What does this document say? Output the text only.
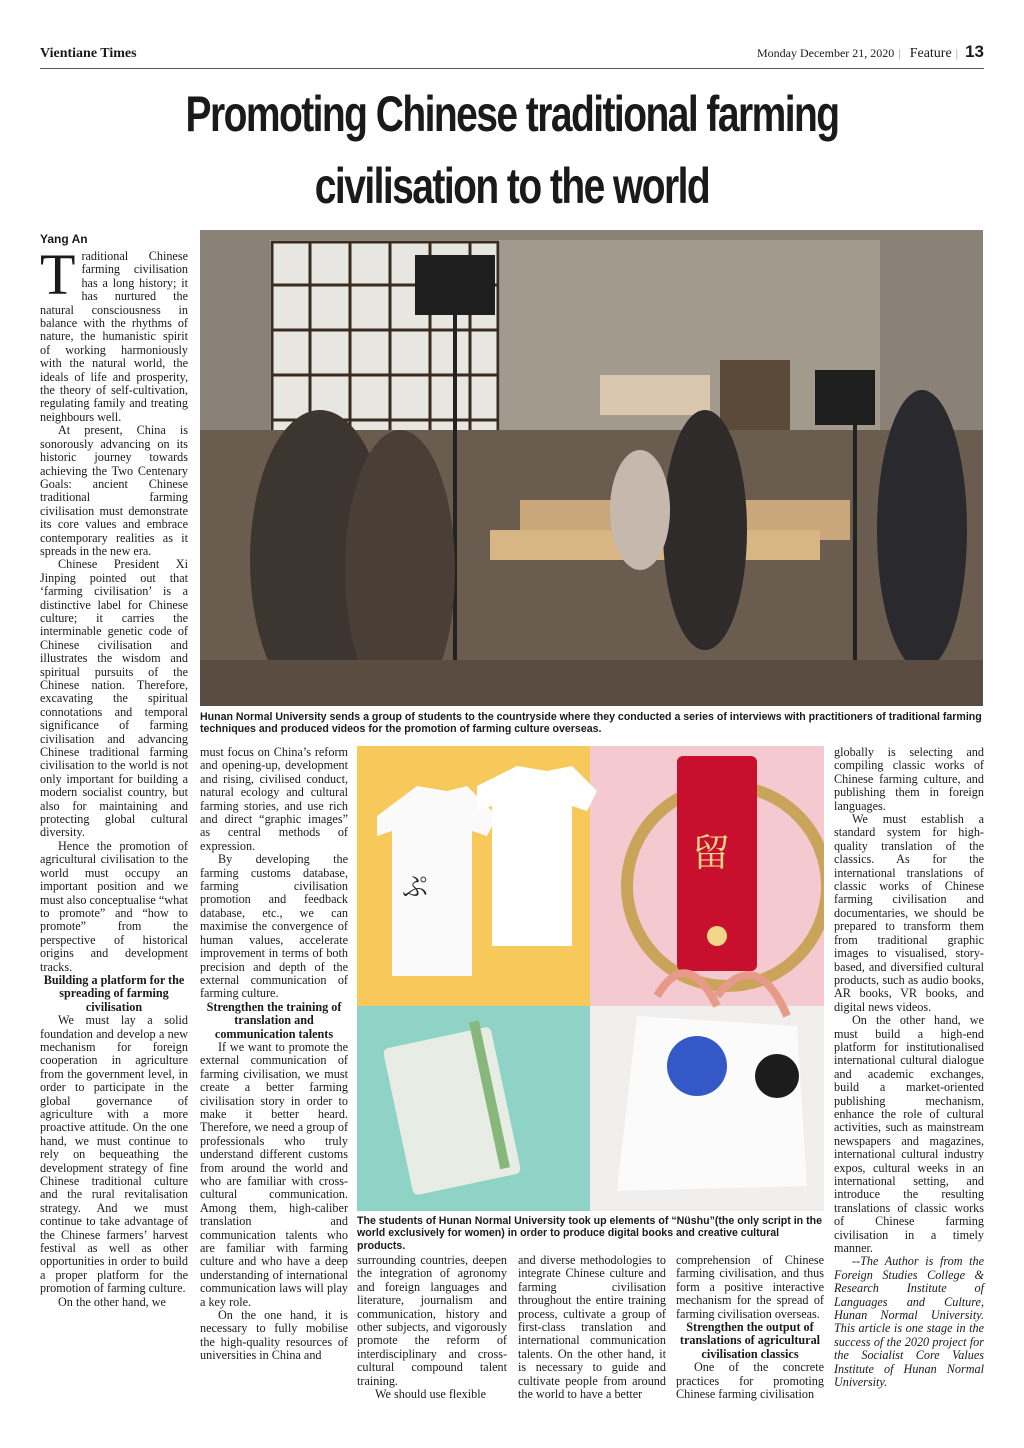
Vientiane Times	Monday December 21, 2020 | Feature | 13
Promoting Chinese traditional farming
civilisation to the world

Yang An

Hunan Normal University sends a group of students to the countryside where they conducted a series of interviews with practitioners of traditional farming techniques and produced videos for the promotion of farming culture overseas.

ぷ
留

The students of Hunan Normal University took up elements of “Nüshu”(the only script in the world exclusively for women) in order to produce digital books and creative cultural products.

Traditional Chinese farming civilisation has a long history; it has nurtured the natural consciousness in balance with the rhythms of nature, the humanistic spirit of working harmoniously with the natural world, the ideals of life and prosperity, the theory of self-cultivation, regulating family and treating neighbours well.

At present, China is sonorously advancing on its historic journey towards achieving the Two Centenary Goals: ancient Chinese traditional farming civilisation must demonstrate its core values and embrace contemporary realities as it spreads in the new era.

Chinese President Xi Jinping pointed out that ‘farming civilisation’ is a distinctive label for Chinese culture; it carries the interminable genetic code of Chinese civilisation and illustrates the wisdom and spiritual pursuits of the Chinese nation. Therefore, excavating the spiritual connotations and temporal significance of farming civilisation and advancing Chinese traditional farming civilisation to the world is not only important for building a modern socialist country, but also for maintaining and protecting global cultural diversity.

Hence the promotion of agricultural civilisation to the world must occupy an important position and we must also conceptualise “what to promote” and “how to promote” from the perspective of historical origins and development tracks.

Building a platform for the spreading of farming civilisation

We must lay a solid foundation and develop a new mechanism for foreign cooperation in agriculture from the government level, in order to participate in the global governance of agriculture with a more proactive attitude. On the one hand, we must continue to rely on bequeathing the development strategy of fine Chinese traditional culture and the rural revitalisation strategy. And we must continue to take advantage of the Chinese farmers’ harvest festival as well as other opportunities in order to build a proper platform for the promotion of farming culture.

On the other hand, we

must focus on China’s reform and opening-up, development and rising, civilised conduct, natural ecology and cultural farming stories, and use rich and direct “graphic images” as central methods of expression.

By developing the farming customs database, farming civilisation promotion and feedback database, etc., we can maximise the convergence of human values, accelerate improvement in terms of both precision and depth of the external communication of farming culture.

Strengthen the training of translation and communication talents

If we want to promote the external communication of farming civilisation, we must create a better farming civilisation story in order to make it better heard. Therefore, we need a group of professionals who truly understand different customs from around the world and who are familiar with cross-cultural communication. Among them, high-caliber translation and communication talents who are familiar with farming culture and who have a deep understanding of international communication laws will play a key role.

On the one hand, it is necessary to fully mobilise the high-quality resources of universities in China and

surrounding countries, deepen the integration of agronomy and foreign languages and literature, journalism and communication, history and other subjects, and vigorously promote the reform of interdisciplinary and cross-cultural compound talent training.

We should use flexible

and diverse methodologies to integrate Chinese culture and farming civilisation throughout the entire training process, cultivate a group of first-class translation and international communication talents. On the other hand, it is necessary to guide and cultivate people from around the world to have a better

comprehension of Chinese farming civilisation, and thus form a positive interactive mechanism for the spread of farming civilisation overseas.

Strengthen the output of translations of agricultural civilisation classics

One of the concrete practices for promoting Chinese farming civilisation

globally is selecting and compiling classic works of Chinese farming culture, and publishing them in foreign languages.

We must establish a standard system for high-quality translation of the classics. As for the international translations of classic works of Chinese farming civilisation and documentaries, we should be prepared to transform them from traditional graphic images to visualised, story-based, and diversified cultural products, such as audio books, AR books, VR books, and digital news videos.

On the other hand, we must build a high-end platform for institutionalised international cultural dialogue and academic exchanges, build a market-oriented publishing mechanism, enhance the role of cultural activities, such as mainstream newspapers and magazines, international cultural industry expos, cultural weeks in an international setting, and introduce the resulting translations of classic works of Chinese farming civilisation in a timely manner.

--The Author is from the Foreign Studies College & Research Institute of Languages and Culture, Hunan Normal University. This article is one stage in the success of the 2020 project for the Socialist Core Values Institute of Hunan Normal University.
